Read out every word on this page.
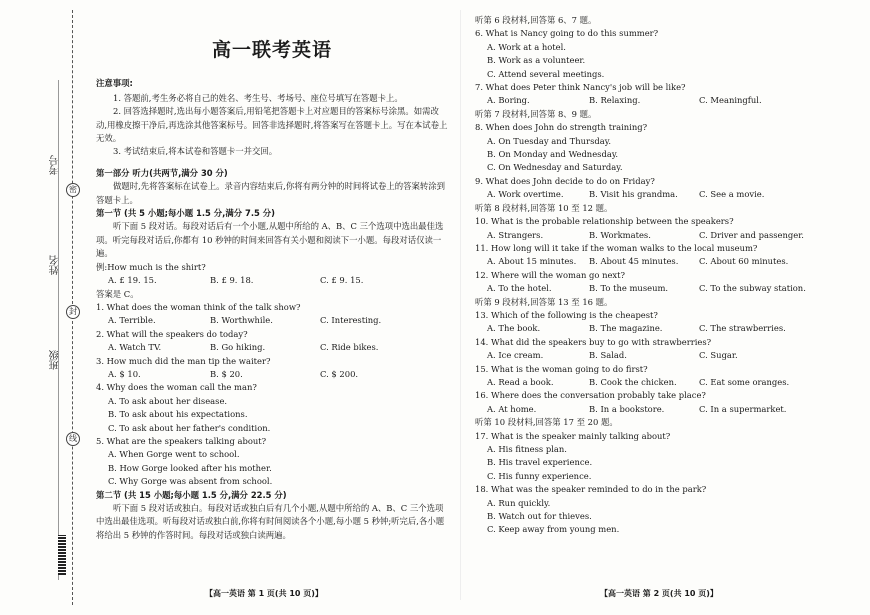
考号
姓名
班级
密
封
线
高一联考英语
注意事项:

1. 答题前,考生务必将自己的姓名、考生号、考场号、座位号填写在答题卡上。

2. 回答选择题时,选出每小题答案后,用铅笔把答题卡上对应题目的答案标号涂黑。如需改动,用橡皮擦干净后,再选涂其他答案标号。回答非选择题时,将答案写在答题卡上。写在本试卷上无效。

3. 考试结束后,将本试卷和答题卡一并交回。

第一部分 听力(共两节,满分 30 分)

做题时,先将答案标在试卷上。录音内容结束后,你将有两分钟的时间将试卷上的答案转涂到答题卡上。

第一节 (共 5 小题;每小题 1.5 分,满分 7.5 分)

听下面 5 段对话。每段对话后有一个小题,从题中所给的 A、B、C 三个选项中选出最佳选项。听完每段对话后,你都有 10 秒钟的时间来回答有关小题和阅读下一小题。每段对话仅读一遍。

例:How much is the shirt?

A. £ 19. 15.	B. £ 9. 18.	C. £ 9. 15.

答案是 C。

1. What does the woman think of the talk show?

A. Terrible.	B. Worthwhile.	C. Interesting.

2. What will the speakers do today?

A. Watch TV.	B. Go hiking.	C. Ride bikes.

3. How much did the man tip the waiter?

A. $ 10.	B. $ 20.	C. $ 200.

4. Why does the woman call the man?

A. To ask about her disease.

B. To ask about his expectations.

C. To ask about her father's condition.

5. What are the speakers talking about?

A. When Gorge went to school.

B. How Gorge looked after his mother.

C. Why Gorge was absent from school.

第二节 (共 15 小题;每小题 1.5 分,满分 22.5 分)

听下面 5 段对话或独白。每段对话或独白后有几个小题,从题中所给的 A、B、C 三个选项中选出最佳选项。听每段对话或独白前,你将有时间阅读各个小题,每小题 5 秒钟;听完后,各小题将给出 5 秒钟的作答时间。每段对话或独白读两遍。

听第 6 段材料,回答第 6、7 题。

6. What is Nancy going to do this summer?

A. Work at a hotel.

B. Work as a volunteer.

C. Attend several meetings.

7. What does Peter think Nancy's job will be like?

A. Boring.	B. Relaxing.	C. Meaningful.

听第 7 段材料,回答第 8、9 题。

8. When does John do strength training?

A. On Tuesday and Thursday.

B. On Monday and Wednesday.

C. On Wednesday and Saturday.

9. What does John decide to do on Friday?

A. Work overtime.	B. Visit his grandma.	C. See a movie.

听第 8 段材料,回答第 10 至 12 题。

10. What is the probable relationship between the speakers?

A. Strangers.	B. Workmates.	C. Driver and passenger.

11. How long will it take if the woman walks to the local museum?

A. About 15 minutes.	B. About 45 minutes.	C. About 60 minutes.

12. Where will the woman go next?

A. To the hotel.	B. To the museum.	C. To the subway station.

听第 9 段材料,回答第 13 至 16 题。

13. Which of the following is the cheapest?

A. The book.	B. The magazine.	C. The strawberries.

14. What did the speakers buy to go with strawberries?

A. Ice cream.	B. Salad.	C. Sugar.

15. What is the woman going to do first?

A. Read a book.	B. Cook the chicken.	C. Eat some oranges.

16. Where does the conversation probably take place?

A. At home.	B. In a bookstore.	C. In a supermarket.

听第 10 段材料,回答第 17 至 20 题。

17. What is the speaker mainly talking about?

A. His fitness plan.

B. His travel experience.

C. His funny experience.

18. What was the speaker reminded to do in the park?

A. Run quickly.

B. Watch out for thieves.

C. Keep away from young men.

【高一英语 第 1 页(共 10 页)】	【高一英语 第 2 页(共 10 页)】
